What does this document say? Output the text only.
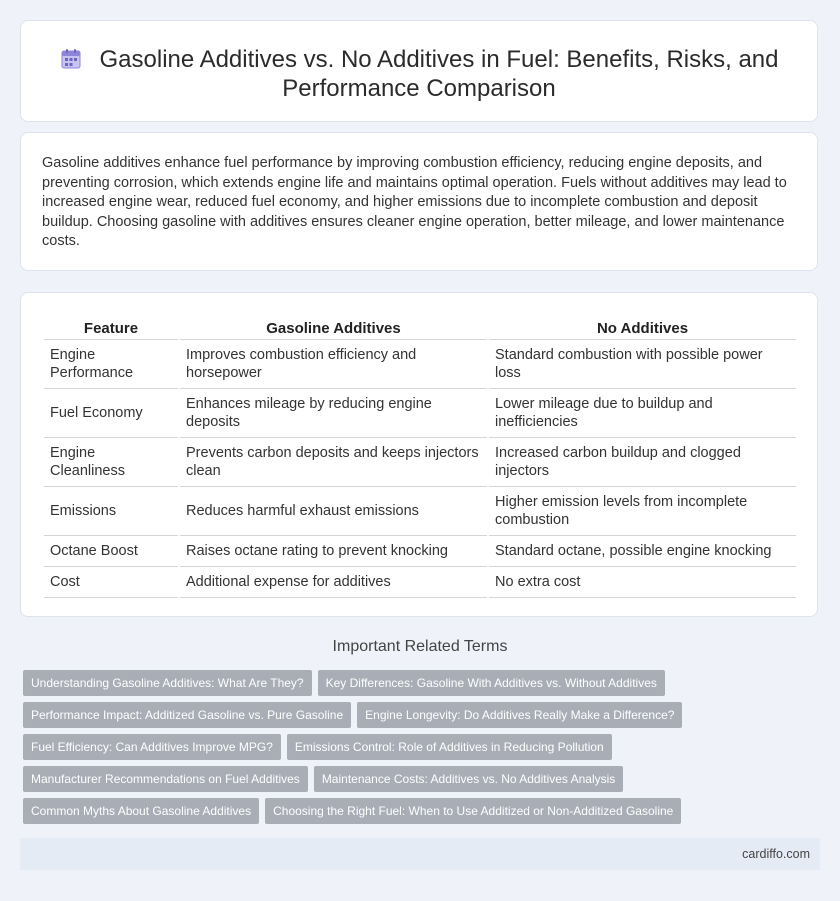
Gasoline Additives vs. No Additives in Fuel: Benefits, Risks, and Performance Comparison

Gasoline additives enhance fuel performance by improving combustion efficiency, reducing engine deposits, and preventing corrosion, which extends engine life and maintains optimal operation. Fuels without additives may lead to increased engine wear, reduced fuel economy, and higher emissions due to incomplete combustion and deposit buildup. Choosing gasoline with additives ensures cleaner engine operation, better mileage, and lower maintenance costs.

Feature	Gasoline Additives	No Additives
Engine Performance	Improves combustion efficiency and horsepower	Standard combustion with possible power loss
Fuel Economy	Enhances mileage by reducing engine deposits	Lower mileage due to buildup and inefficiencies
Engine Cleanliness	Prevents carbon deposits and keeps injectors clean	Increased carbon buildup and clogged injectors
Emissions	Reduces harmful exhaust emissions	Higher emission levels from incomplete combustion
Octane Boost	Raises octane rating to prevent knocking	Standard octane, possible engine knocking
Cost	Additional expense for additives	No extra cost
Important Related Terms
Understanding Gasoline Additives: What Are They? Key Differences: Gasoline With Additives vs. Without Additives
Performance Impact: Additized Gasoline vs. Pure Gasoline Engine Longevity: Do Additives Really Make a Difference?
Fuel Efficiency: Can Additives Improve MPG? Emissions Control: Role of Additives in Reducing Pollution
Manufacturer Recommendations on Fuel Additives Maintenance Costs: Additives vs. No Additives Analysis
Common Myths About Gasoline Additives Choosing the Right Fuel: When to Use Additized or Non-Additized Gasoline
cardiffo.com
